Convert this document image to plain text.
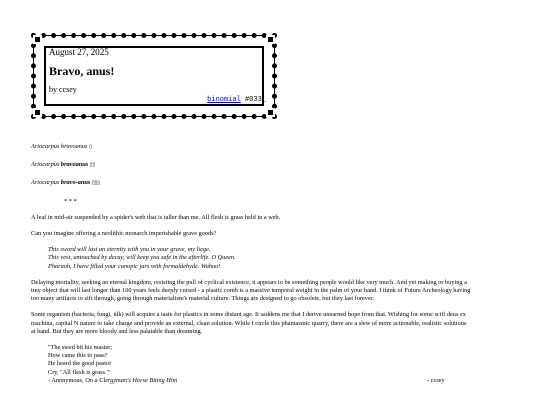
August 27, 2025
Bravo, anus!
by ccsey
binomial #033_

Ariocarpus bravoanus ▯

Ariocarpus bravoanus ▯▯

Ariocarpus bravo-anus ▯▯▯

* * *

A leaf in mid-air suspended by a spider's web that is taller than me. All flesh is grass held in a web.

Can you imagine offering a neolithic monarch imperishable grave goods?

This sword will last an eternity with you in your grave, my liege.
This vest, untouched by decay, will keep you safe in the afterlife. O Queen.
Pharaoh, I have filled your canopic jars with formaldehyde. Wahoo!

Delaying mortality, seeking an eternal kingdom, resisting the pull of cyclical existence, it appears to be something people would like very much. And yet making or buying a tiny object that will last longer than 100 years feels deeply cursed - a plastic comb is a massive temporal weight in the palm of your hand. I think of Future Archeology having too many artifacts to sift through, going through materialism's material culture. Things are designed to go obsolete, but they last forever.

Some organism (bacteria, fungi, idk) will acquire a taste for plastics in some distant age. It saddens me that I derive unearned hope from that. Wishing for some scifi deus ex machina, capital N nature to take charge and provide an external, clean solution. While I circle this phantasmic quarry, there are a slew of more actionable, realistic solutions at hand. But they are more bloody and less palatable than dreaming.

"The steed bit his master;
How came this to pass?
He heard the good pastor
Cry, "All flesh is grass."'
- Anonymous, On a Clergyman's Horse Biting Him	- ccsey
